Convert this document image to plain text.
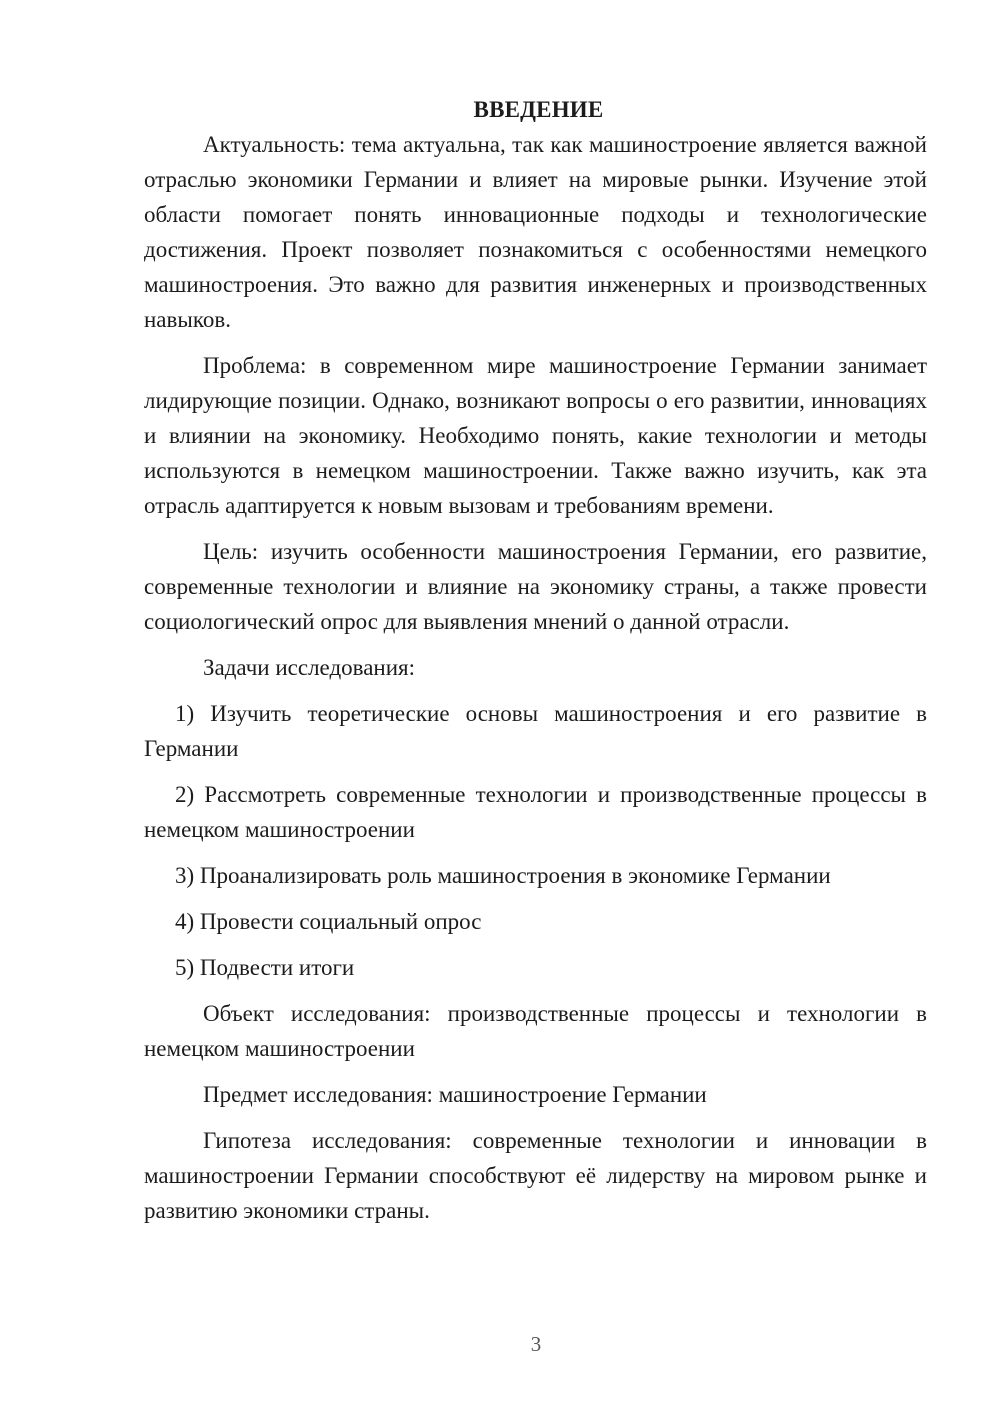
ВВЕДЕНИЕ

Актуальность: тема актуальна, так как машиностроение является важной отраслью экономики Германии и влияет на мировые рынки. Изучение этой области помогает понять инновационные подходы и технологические достижения. Проект позволяет познакомиться с особенностями немецкого машиностроения. Это важно для развития инженерных и производственных навыков.

Проблема: в современном мире машиностроение Германии занимает лидирующие позиции. Однако, возникают вопросы о его развитии, инновациях и влиянии на экономику. Необходимо понять, какие технологии и методы используются в немецком машиностроении. Также важно изучить, как эта отрасль адаптируется к новым вызовам и требованиям времени.

Цель: изучить особенности машиностроения Германии, его развитие, современные технологии и влияние на экономику страны, а также провести социологический опрос для выявления мнений о данной отрасли.

Задачи исследования:

1) Изучить теоретические основы машиностроения и его развитие в Германии

2) Рассмотреть современные технологии и производственные процессы в немецком машиностроении

3) Проанализировать роль машиностроения в экономике Германии

4) Провести социальный опрос

5) Подвести итоги

Объект исследования: производственные процессы и технологии в немецком машиностроении

Предмет исследования: машиностроение Германии

Гипотеза исследования: современные технологии и инновации в машиностроении Германии способствуют её лидерству на мировом рынке и развитию экономики страны.

3
